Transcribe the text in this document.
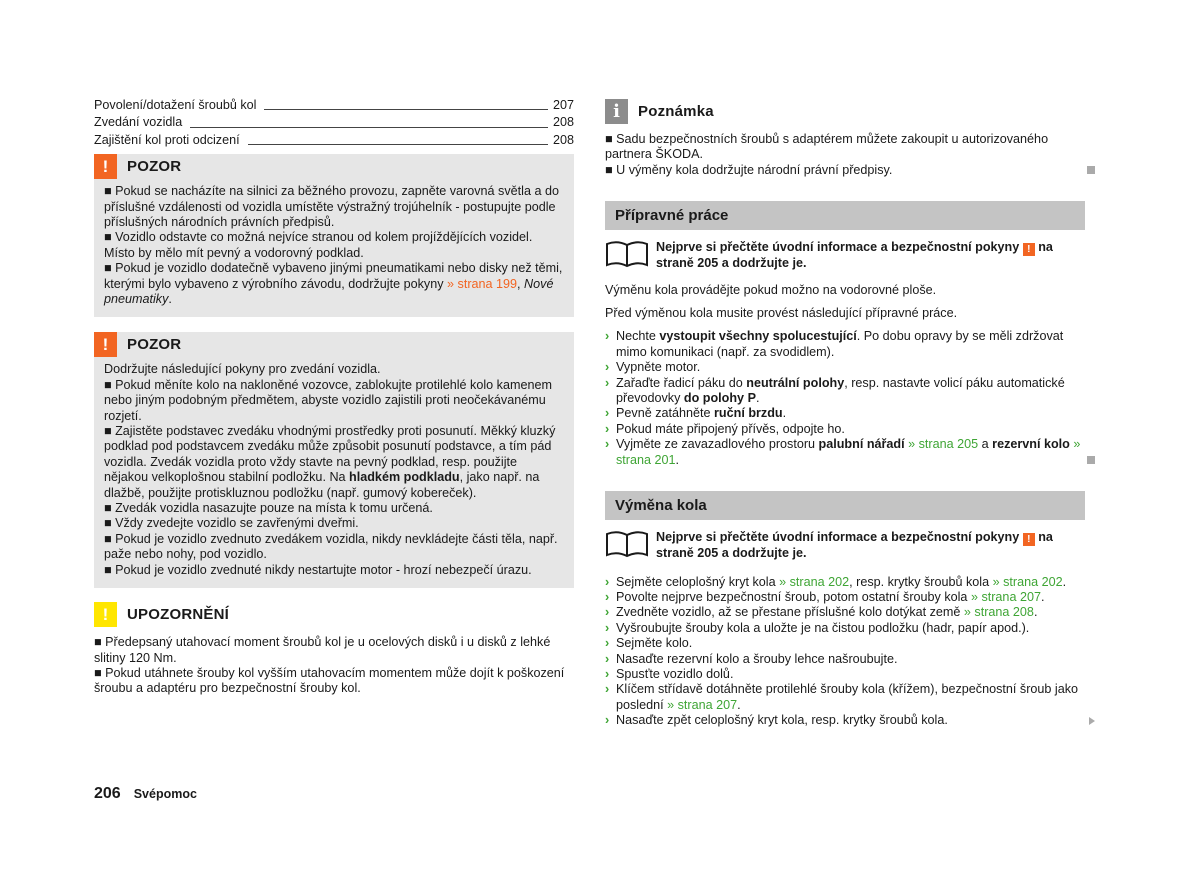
Povolení/dotažení šroubů kol	207
Zvedání vozidla	208
Zajištění kol proti odcizení	208
!	POZOR

■ Pokud se nacházíte na silnici za běžného provozu, zapněte varovná světla a do příslušné vzdálenosti od vozidla umístěte výstražný trojúhelník - postupujte podle příslušných národních právních předpisů.

■ Vozidlo odstavte co možná nejvíce stranou od kolem projíždějících vozidel. Místo by mělo mít pevný a vodorovný podklad.

■ Pokud je vozidlo dodatečně vybaveno jinými pneumatikami nebo disky než těmi, kterými bylo vybaveno z výrobního závodu, dodržujte pokyny » strana 199, Nové pneumatiky.

!	POZOR

Dodržujte následující pokyny pro zvedání vozidla.

■ Pokud měníte kolo na nakloněné vozovce, zablokujte protilehlé kolo kamenem nebo jiným podobným předmětem, abyste vozidlo zajistili proti neočekávanému rozjetí.

■ Zajistěte podstavec zvedáku vhodnými prostředky proti posunutí. Měkký kluzký podklad pod podstavcem zvedáku může způsobit posunutí podstavce, a tím pád vozidla. Zvedák vozidla proto vždy stavte na pevný podklad, resp. použijte nějakou velkoplošnou stabilní podložku. Na hladkém podkladu, jako např. na dlažbě, použijte protiskluznou podložku (např. gumový kobereček).

■ Zvedák vozidla nasazujte pouze na místa k tomu určená.

■ Vždy zvedejte vozidlo se zavřenými dveřmi.

■ Pokud je vozidlo zvednuto zvedákem vozidla, nikdy nevkládejte části těla, např. paže nebo nohy, pod vozidlo.

■ Pokud je vozidlo zvednuté nikdy nestartujte motor - hrozí nebezpečí úrazu.

!	UPOZORNĚNÍ

■ Předepsaný utahovací moment šroubů kol je u ocelových disků i u disků z lehké slitiny 120 Nm.

■ Pokud utáhnete šrouby kol vyšším utahovacím momentem může dojít k poškození šroubu a adaptéru pro bezpečnostní šrouby kol.

i	Poznámka

■ Sadu bezpečnostních šroubů s adaptérem můžete zakoupit u autorizovaného partnera ŠKODA.

■ U výměny kola dodržujte národní právní předpisy.

Přípravné práce

Nejprve si přečtěte úvodní informace a bezpečnostní pokyny ! na straně 205 a dodržujte je.

Výměnu kola provádějte pokud možno na vodorovné ploše.

Před výměnou kola musite provést následující přípravné práce.

› Nechte vystoupit všechny spolucestující. Po dobu opravy by se měli zdržovat mimo komunikaci (např. za svodidlem).
› Vypněte motor.
› Zařaďte řadicí páku do neutrální polohy, resp. nastavte volicí páku automatické převodovky do polohy P.
› Pevně zatáhněte ruční brzdu.
› Pokud máte připojený přívěs, odpojte ho.
› Vyjměte ze zavazadlového prostoru palubní nářadí » strana 205 a rezervní kolo » strana 201.
Výměna kola

Nejprve si přečtěte úvodní informace a bezpečnostní pokyny ! na straně 205 a dodržujte je.

› Sejměte celoplošný kryt kola » strana 202, resp. krytky šroubů kola » strana 202.
› Povolte nejprve bezpečnostní šroub, potom ostatní šrouby kola » strana 207.
› Zvedněte vozidlo, až se přestane příslušné kolo dotýkat země » strana 208.
› Vyšroubujte šrouby kola a uložte je na čistou podložku (hadr, papír apod.).
› Sejměte kolo.
› Nasaďte rezervní kolo a šrouby lehce našroubujte.
› Spusťte vozidlo dolů.
› Klíčem střídavě dotáhněte protilehlé šrouby kola (křížem), bezpečnostní šroub jako poslední » strana 207.
› Nasaďte zpět celoplošný kryt kola, resp. krytky šroubů kola.
206 Svépomoc
